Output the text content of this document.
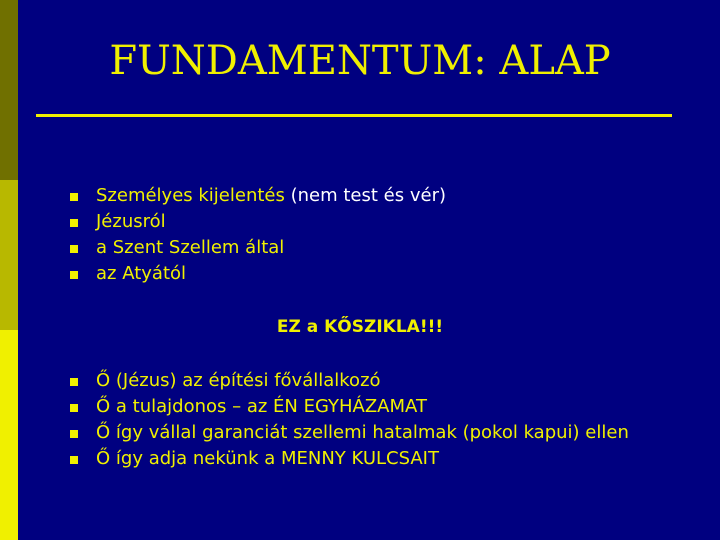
FUNDAMENTUM: ALAP
Személyes kijelentés (nem test és vér)
Jézusról
a Szent Szellem által
az Atyától
EZ a KŐSZIKLA!!!
Ő (Jézus) az építési fővállalkozó
Ő a tulajdonos – az ÉN EGYHÁZAMAT
Ő így vállal garanciát szellemi hatalmak (pokol kapui) ellen
Ő így adja nekünk a MENNY KULCSAIT
7
